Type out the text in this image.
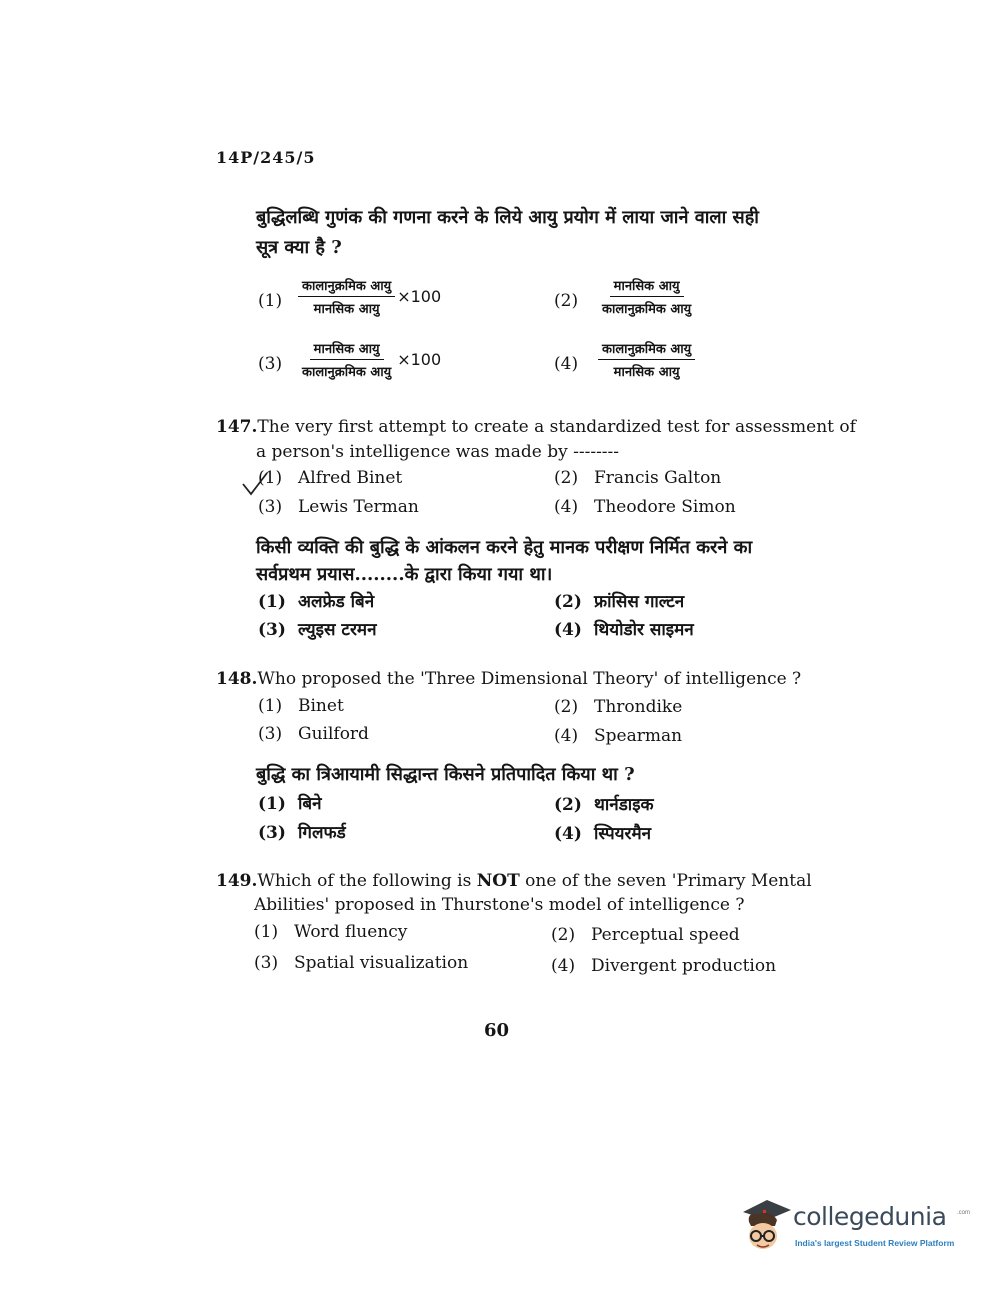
14P/245/5
बुद्धिलब्धि गुणंक की गणना करने के लिये आयु प्रयोग में लाया जाने वाला सही
सूत्र क्या है ?
$(1) \frac{\text{कालानुक्रमिक आयु}}{\text{मानसिक आयु}} \times 100$	$(2) \frac{\text{मानसिक आयु}}{\text{कालानुक्रमिक आयु}}$
$(3) \frac{\text{मानसिक आयु}}{\text{कालानुक्रमिक आयु}} \times 100$	$(4) \frac{\text{कालानुक्रमिक आयु}}{\text{मानसिक आयु}}$
147.The very first attempt to create a standardized test for assessment of
a person's intelligence was made by --------
(1) Alfred Binet	(2) Francis Galton
(3) Lewis Terman	(4) Theodore Simon
किसी व्यक्ति की बुद्धि के आंकलन करने हेतु मानक परीक्षण निर्मित करने का
सर्वप्रथम प्रयास........के द्वारा किया गया था।
(1) अलफ्रेड बिने	(2) फ्रांसिस गाल्टन
(3) ल्युइस टरमन	(4) थियोडोर साइमन
148.Who proposed the 'Three Dimensional Theory' of intelligence ?
(1) Binet	(2) Throndike
(3) Guilford	(4) Spearman
बुद्धि का त्रिआयामी सिद्धान्त किसने प्रतिपादित किया था ?
(1) बिने	(2) थार्नडाइक
(3) गिलफर्ड	(4) स्पियरमैन
149.Which of the following is NOT one of the seven 'Primary Mental
Abilities' proposed in Thurstone's model of intelligence ?
(1) Word fluency	(2) Perceptual speed
(3) Spatial visualization	(4) Divergent production
60
collegedunia .com
India's largest Student Review Platform
